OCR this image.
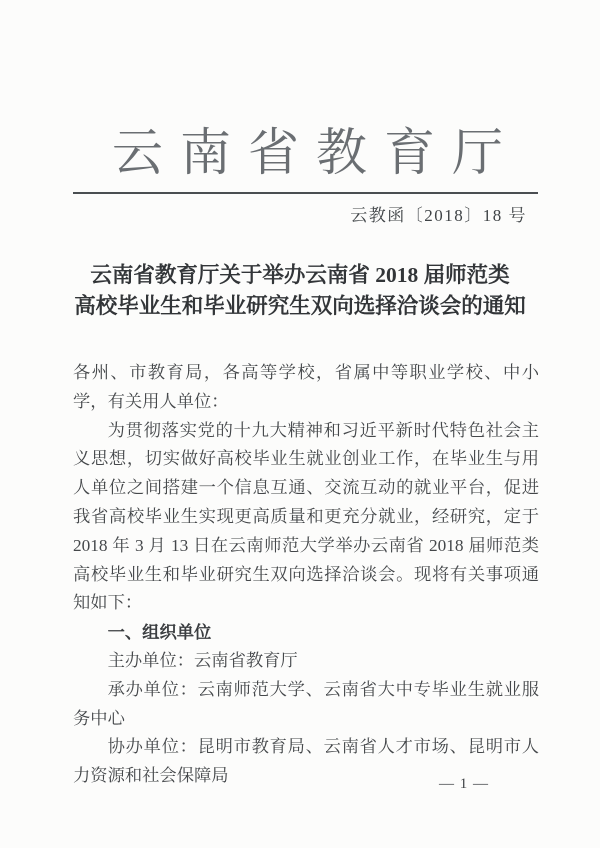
云南省教育厅
云教函〔2018〕18 号
云南省教育厅关于举办云南省 2018 届师范类
高校毕业生和毕业研究生双向选择洽谈会的通知

各州、市教育局，各高等学校，省属中等职业学校、中小学，有关用人单位：

为贯彻落实党的十九大精神和习近平新时代特色社会主义思想，切实做好高校毕业生就业创业工作，在毕业生与用人单位之间搭建一个信息互通、交流互动的就业平台，促进我省高校毕业生实现更高质量和更充分就业，经研究，定于 2018 年 3 月 13 日在云南师范大学举办云南省 2018 届师范类高校毕业生和毕业研究生双向选择洽谈会。现将有关事项通知如下：

一、组织单位

主办单位：云南省教育厅

承办单位：云南师范大学、云南省大中专毕业生就业服务中心

协办单位：昆明市教育局、云南省人才市场、昆明市人力资源和社会保障局	— 1 —
